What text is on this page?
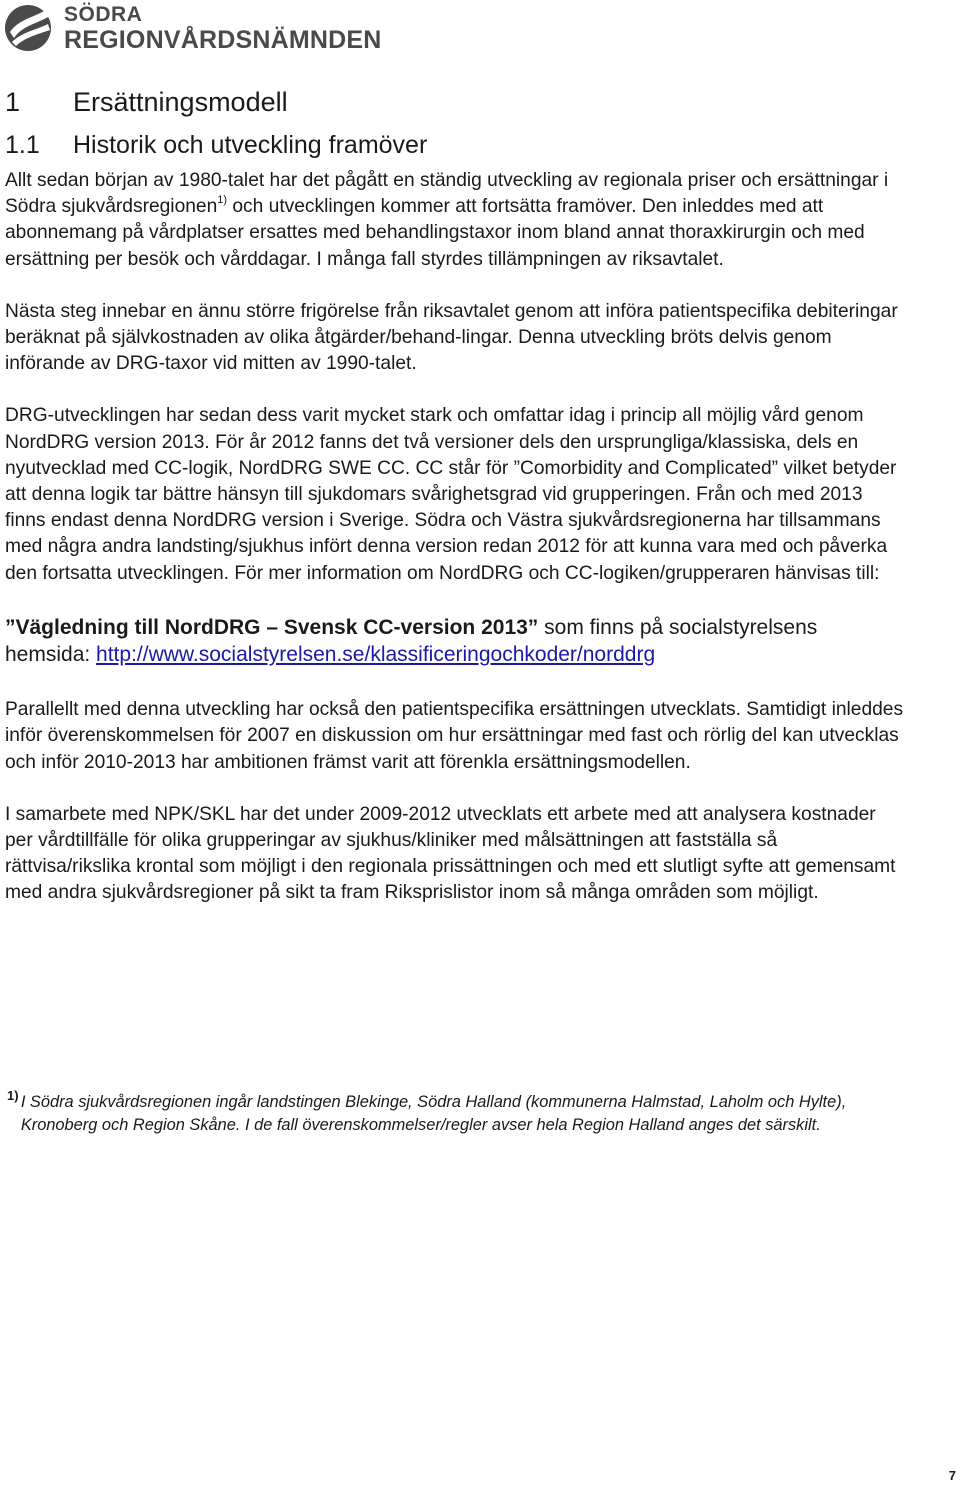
SÖDRA
REGIONVÅRDSNÄMNDEN
1	Ersättningsmodell
1.1	Historik och utveckling framöver

Allt sedan början av 1980-talet har det pågått en ständig utveckling av regionala priser och ersättningar i Södra sjukvårdsregionen$^{1)}$ och utvecklingen kommer att fortsätta framöver. Den inleddes med att abonnemang på vårdplatser ersattes med behandlingstaxor inom bland annat thoraxkirurgin och med ersättning per besök och vårddagar. I många fall styrdes tillämpningen av riksavtalet.

Nästa steg innebar en ännu större frigörelse från riksavtalet genom att införa patientspecifika debiteringar beräknat på självkostnaden av olika åtgärder/behand-lingar. Denna utveckling bröts delvis genom införande av DRG-taxor vid mitten av 1990-talet.

DRG-utvecklingen har sedan dess varit mycket stark och omfattar idag i princip all möjlig vård genom NordDRG version 2013. För år 2012 fanns det två versioner dels den ursprungliga/klassiska, dels en nyutvecklad med CC-logik, NordDRG SWE CC. CC står för ”Comorbidity and Complicated” vilket betyder att denna logik tar bättre hänsyn till sjukdomars svårighetsgrad vid grupperingen. Från och med 2013 finns endast denna NordDRG version i Sverige. Södra och Västra sjukvårdsregionerna har tillsammans med några andra landsting/sjukhus infört denna version redan 2012 för att kunna vara med och påverka den fortsatta utvecklingen. För mer information om NordDRG och CC-logiken/grupperaren hänvisas till:

”Vägledning till NordDRG – Svensk CC-version 2013” som finns på socialstyrelsens hemsida: http://www.socialstyrelsen.se/klassificeringochkoder/norddrg

Parallellt med denna utveckling har också den patientspecifika ersättningen utvecklats. Samtidigt inleddes inför överenskommelsen för 2007 en diskussion om hur ersättningar med fast och rörlig del kan utvecklas och inför 2010-2013 har ambitionen främst varit att förenkla ersättningsmodellen.

I samarbete med NPK/SKL har det under 2009-2012 utvecklats ett arbete med att analysera kostnader per vårdtillfälle för olika grupperingar av sjukhus/kliniker med målsättningen att fastställa så rättvisa/rikslika krontal som möjligt i den regionala prissättningen och med ett slutligt syfte att gemensamt med andra sjukvårdsregioner på sikt ta fram Riksprislistor inom så många områden som möjligt.

1) I Södra sjukvårdsregionen ingår landstingen Blekinge, Södra Halland (kommunerna Halmstad, Laholm och Hylte), Kronoberg och Region Skåne. I de fall överenskommelser/regler avser hela Region Halland anges det särskilt.
7
